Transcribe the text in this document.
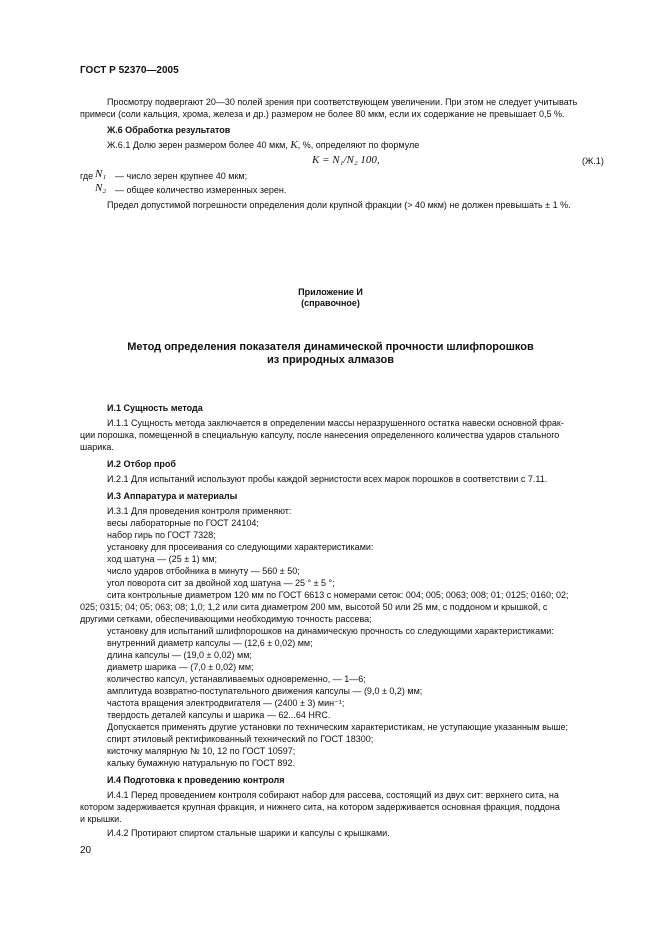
ГОСТ Р 52370—2005
Просмотру подвергают 20—30 полей зрения при соответствующем увеличении. При этом не следует учитывать
примеси (соли кальция, хрома, железа и др.) размером не более 80 мкм, если их содержание не превышает 0,5 %.
Ж.6 Обработка результатов
Ж.6.1 Долю зерен размером более 40 мкм, K, %, определяют по формуле
K = N₁/N₂ 100,	(Ж.1)
где N₁ — число зерен крупнее 40 мкм;
N₂ — общее количество измеренных зерен.
Предел допустимой погрешности определения доли крупной фракции (> 40 мкм) не должен превышать ± 1 %.
Приложение И
(справочное)
Метод определения показателя динамической прочности шлифпорошков
из природных алмазов
И.1 Сущность метода
И.1.1 Сущность метода заключается в определении массы неразрушенного остатка навески основной фрак-
ции порошка, помещенной в специальную капсулу, после нанесения определенного количества ударов стального
шарика.
И.2 Отбор проб
И.2.1 Для испытаний используют пробы каждой зернистости всех марок порошков в соответствии с 7.11.
И.3 Аппаратура и материалы
И.3.1 Для проведения контроля применяют:
весы лабораторные по ГОСТ 24104;
набор гирь по ГОСТ 7328;
установку для просеивания со следующими характеристиками:
ход шатуна — (25 ± 1) мм;
число ударов отбойника в минуту — 560 ± 50;
угол поворота сит за двойной ход шатуна — 25 ° ± 5 °;
сита контрольные диаметром 120 мм по ГОСТ 6613 с номерами сеток: 004; 005; 0063; 008; 01; 0125; 0160; 02;
025; 0315; 04; 05; 063; 08; 1,0; 1,2 или сита диаметром 200 мм, высотой 50 или 25 мм, с поддоном и крышкой, с
другими сетками, обеспечивающими необходимую точность рассева;
установку для испытаний шлифпорошков на динамическую прочность со следующими характеристиками:
внутренний диаметр капсулы — (12,6 ± 0,02) мм;
длина капсулы — (19,0 ± 0,02) мм;
диаметр шарика — (7,0 ± 0,02) мм;
количество капсул, устанавливаемых одновременно, — 1—6;
амплитуда возвратно-поступательного движения капсулы — (9,0 ± 0,2) мм;
частота вращения электродвигателя — (2400 ± 3) мин⁻¹;
твердость деталей капсулы и шарика — 62...64 HRC.
Допускается применять другие установки по техническим характеристикам, не уступающие указанным выше;
спирт этиловый ректификованный технический по ГОСТ 18300;
кисточку малярную № 10, 12 по ГОСТ 10597;
кальку бумажную натуральную по ГОСТ 892.
И.4 Подготовка к проведению контроля
И.4.1 Перед проведением контроля собирают набор для рассева, состоящий из двух сит: верхнего сита, на
котором задерживается крупная фракция, и нижнего сита, на котором задерживается основная фракция, поддона
и крышки.
И.4.2 Протирают спиртом стальные шарики и капсулы с крышками.
20
